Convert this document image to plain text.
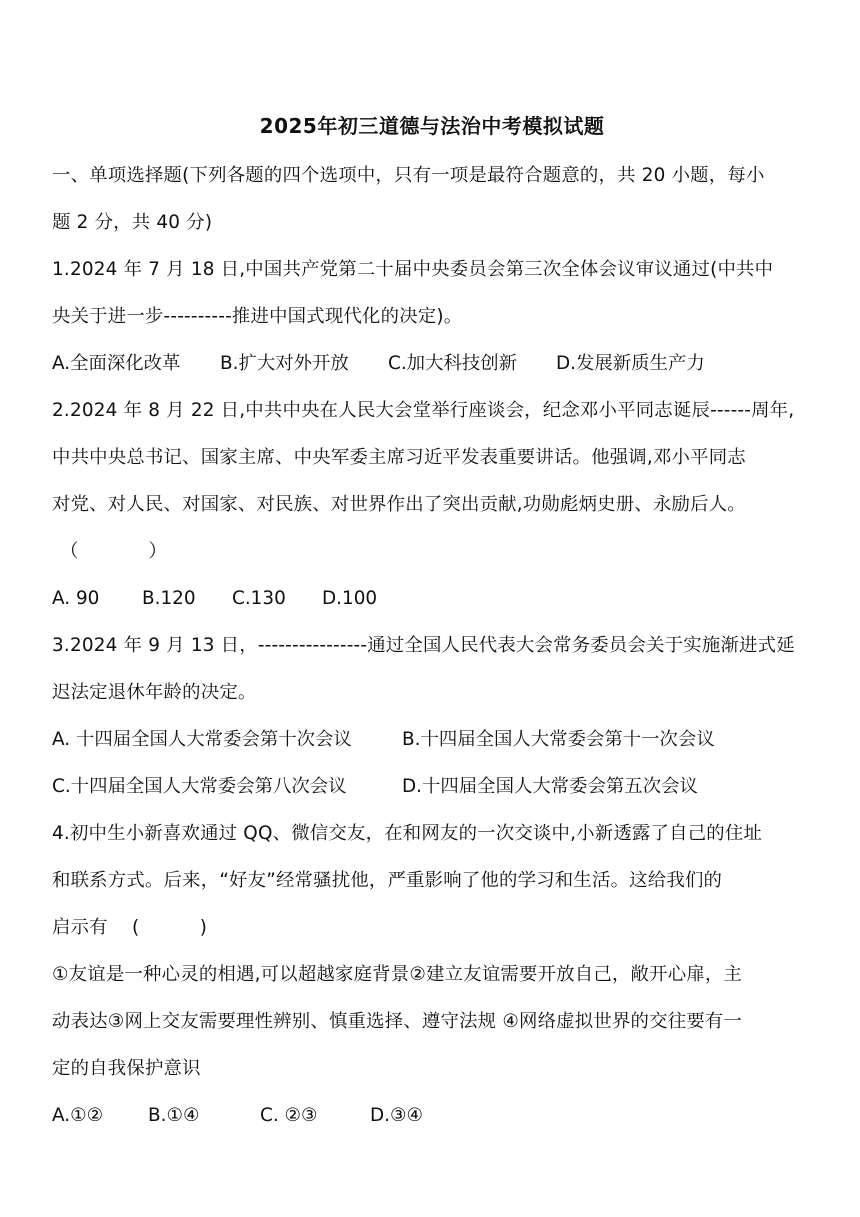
2025年初三道德与法治中考模拟试题

一、单项选择题(下列各题的四个选项中，只有一项是最符合题意的，共 20 小题，每小

题 2 分，共 40 分)

1.2024 年 7 月 18 日,中国共产党第二十届中央委员会第三次全体会议审议通过(中共中

央关于进一步----------推进中国式现代化的决定)。

A.全面深化改革	B.扩大对外开放	C.加大科技创新	D.发展新质生产力

2.2024 年 8 月 22 日,中共中央在人民大会堂举行座谈会，纪念邓小平同志诞辰------周年,

中共中央总书记、国家主席、中央军委主席习近平发表重要讲话。他强调,邓小平同志

对党、对人民、对国家、对民族、对世界作出了突出贡献,功勋彪炳史册、永励后人。

（            ）

A. 90	B.120	C.130	D.100

3.2024 年 9 月 13 日，----------------通过全国人民代表大会常务委员会关于实施渐进式延

迟法定退休年龄的决定。

A. 十四届全国人大常委会第十次会议	B.十四届全国人大常委会第十一次会议
C.十四届全国人大常委会第八次会议	D.十四届全国人大常委会第五次会议

4.初中生小新喜欢通过 QQ、微信交友，在和网友的一次交谈中,小新透露了自己的住址

和联系方式。后来，“好友”经常骚扰他，严重影响了他的学习和生活。这给我们的

启示有    (          )

①友谊是一种心灵的相遇,可以超越家庭背景②建立友谊需要开放自己，敞开心扉，主

动表达③网上交友需要理性辨别、慎重选择、遵守法规 ④网络虚拟世界的交往要有一

定的自我保护意识

A.①②	B.①④	C. ②③	D.③④
